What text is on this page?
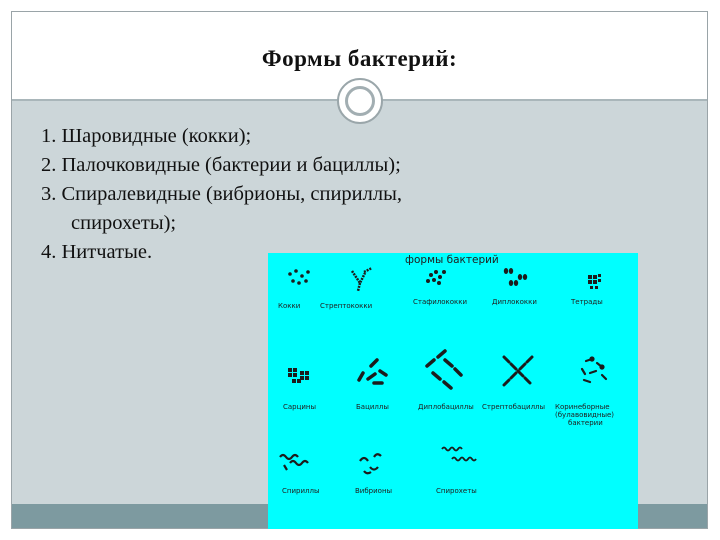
Формы бактерий:
1. Шаровидные (кокки);
2. Палочковидные (бактерии и бациллы);
3. Спиралевидные (вибрионы, спириллы,
спирохеты);
4. Нитчатые.	формы бактерий
Кокки	Стрептококки	Стафилококки	Диплококки	Тетрады
Сарцины	Бациллы	Диплобациллы Стрептобациллы Коринеборные
(булавовидные)
бактерии
Спириллы	Вибрионы	Спирохеты
